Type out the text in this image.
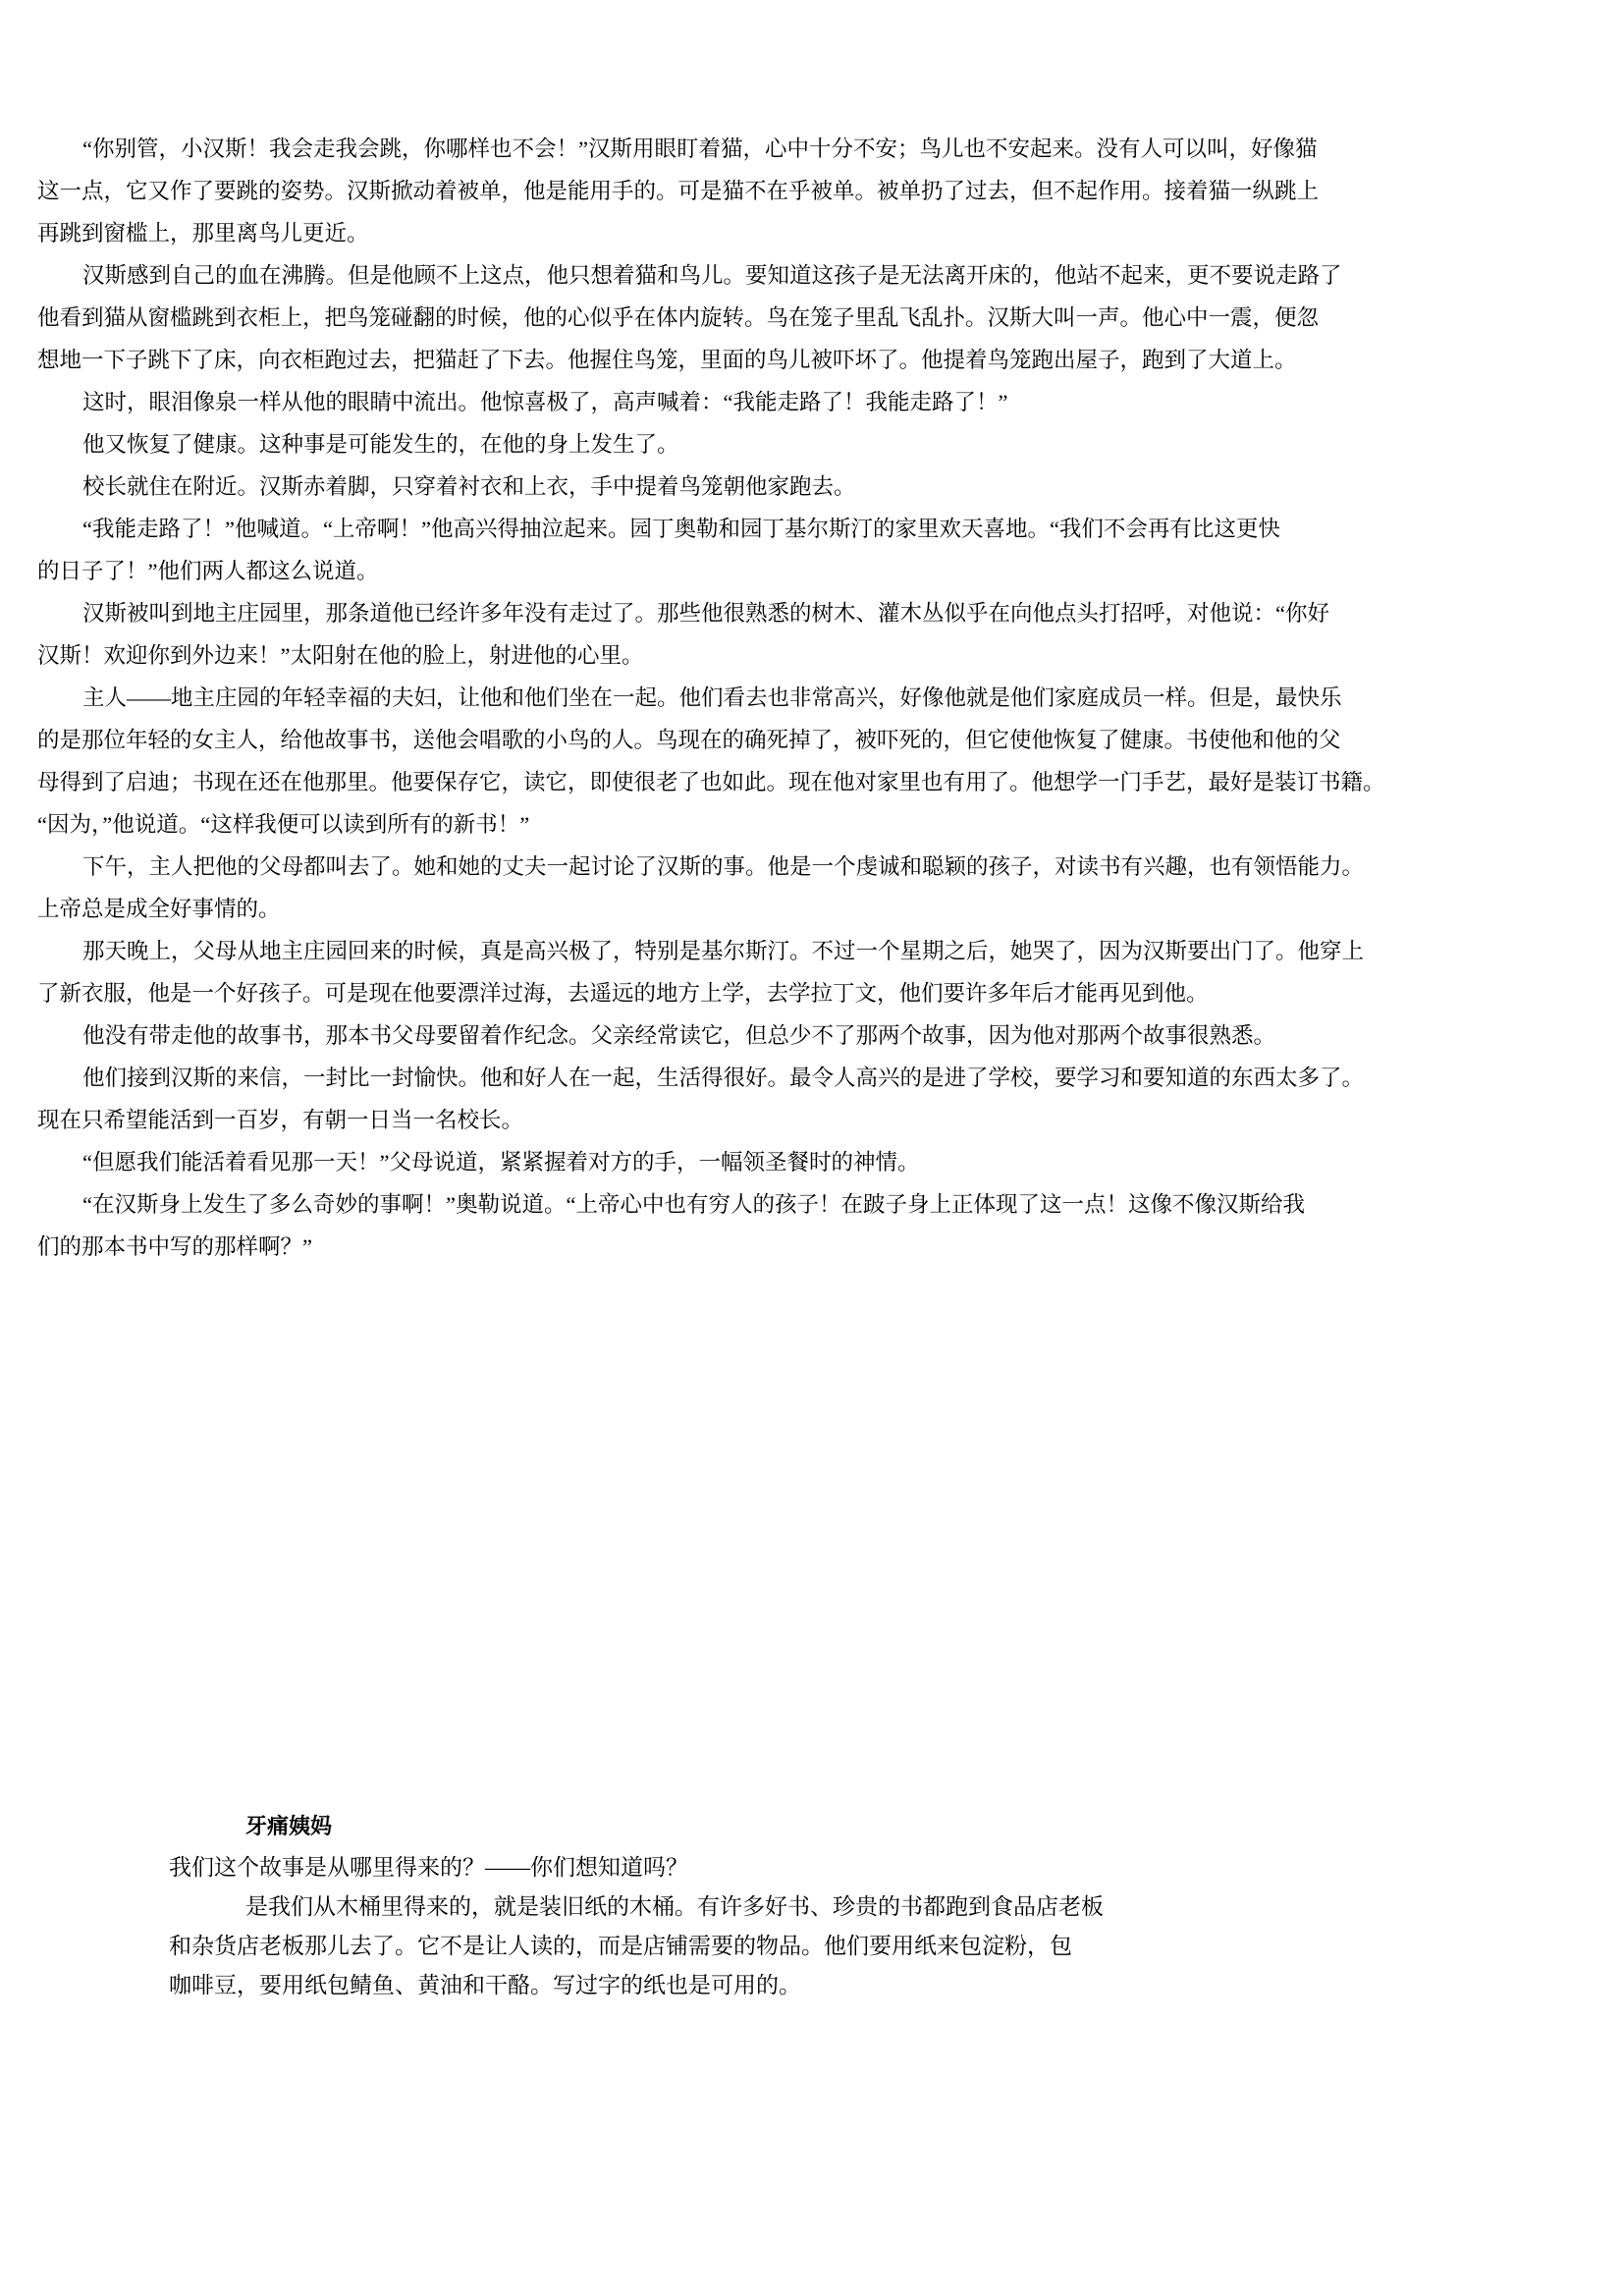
“你别管，小汉斯！我会走我会跳，你哪样也不会！”汉斯用眼盯着猫，心中十分不安；鸟儿也不安起来。没有人可以叫，好像猫
这一点，它又作了要跳的姿势。汉斯掀动着被单，他是能用手的。可是猫不在乎被单。被单扔了过去，但不起作用。接着猫一纵跳上
再跳到窗槛上，那里离鸟儿更近。

汉斯感到自己的血在沸腾。但是他顾不上这点，他只想着猫和鸟儿。要知道这孩子是无法离开床的，他站不起来，更不要说走路了
他看到猫从窗槛跳到衣柜上，把鸟笼碰翻的时候，他的心似乎在体内旋转。鸟在笼子里乱飞乱扑。汉斯大叫一声。他心中一震，便忽
想地一下子跳下了床，向衣柜跑过去，把猫赶了下去。他握住鸟笼，里面的鸟儿被吓坏了。他提着鸟笼跑出屋子，跑到了大道上。

这时，眼泪像泉一样从他的眼睛中流出。他惊喜极了，高声喊着：“我能走路了！我能走路了！”

他又恢复了健康。这种事是可能发生的，在他的身上发生了。

校长就住在附近。汉斯赤着脚，只穿着衬衣和上衣，手中提着鸟笼朝他家跑去。

“我能走路了！”他喊道。“上帝啊！”他高兴得抽泣起来。园丁奥勒和园丁基尔斯汀的家里欢天喜地。“我们不会再有比这更快
的日子了！”他们两人都这么说道。

汉斯被叫到地主庄园里，那条道他已经许多年没有走过了。那些他很熟悉的树木、灌木丛似乎在向他点头打招呼，对他说：“你好
汉斯！欢迎你到外边来！”太阳射在他的脸上，射进他的心里。

主人——地主庄园的年轻幸福的夫妇，让他和他们坐在一起。他们看去也非常高兴，好像他就是他们家庭成员一样。但是，最快乐
的是那位年轻的女主人，给他故事书，送他会唱歌的小鸟的人。鸟现在的确死掉了，被吓死的，但它使他恢复了健康。书使他和他的父
母得到了启迪；书现在还在他那里。他要保存它，读它，即使很老了也如此。现在他对家里也有用了。他想学一门手艺，最好是装订书籍。
“因为，”他说道。“这样我便可以读到所有的新书！”

下午，主人把他的父母都叫去了。她和她的丈夫一起讨论了汉斯的事。他是一个虔诚和聪颖的孩子，对读书有兴趣，也有领悟能力。
上帝总是成全好事情的。

那天晚上，父母从地主庄园回来的时候，真是高兴极了，特别是基尔斯汀。不过一个星期之后，她哭了，因为汉斯要出门了。他穿上
了新衣服，他是一个好孩子。可是现在他要漂洋过海，去遥远的地方上学，去学拉丁文，他们要许多年后才能再见到他。

他没有带走他的故事书，那本书父母要留着作纪念。父亲经常读它，但总少不了那两个故事，因为他对那两个故事很熟悉。

他们接到汉斯的来信，一封比一封愉快。他和好人在一起，生活得很好。最令人高兴的是进了学校，要学习和要知道的东西太多了。
现在只希望能活到一百岁，有朝一日当一名校长。

“但愿我们能活着看见那一天！”父母说道，紧紧握着对方的手，一幅领圣餐时的神情。

“在汉斯身上发生了多么奇妙的事啊！”奥勒说道。“上帝心中也有穷人的孩子！在跛子身上正体现了这一点！这像不像汉斯给我
们的那本书中写的那样啊？”

牙痛姨妈
我们这个故事是从哪里得来的？——你们想知道吗？
是我们从木桶里得来的，就是装旧纸的木桶。有许多好书、珍贵的书都跑到食品店老板
和杂货店老板那儿去了。它不是让人读的，而是店铺需要的物品。他们要用纸来包淀粉，包
咖啡豆，要用纸包鲭鱼、黄油和干酪。写过字的纸也是可用的。
